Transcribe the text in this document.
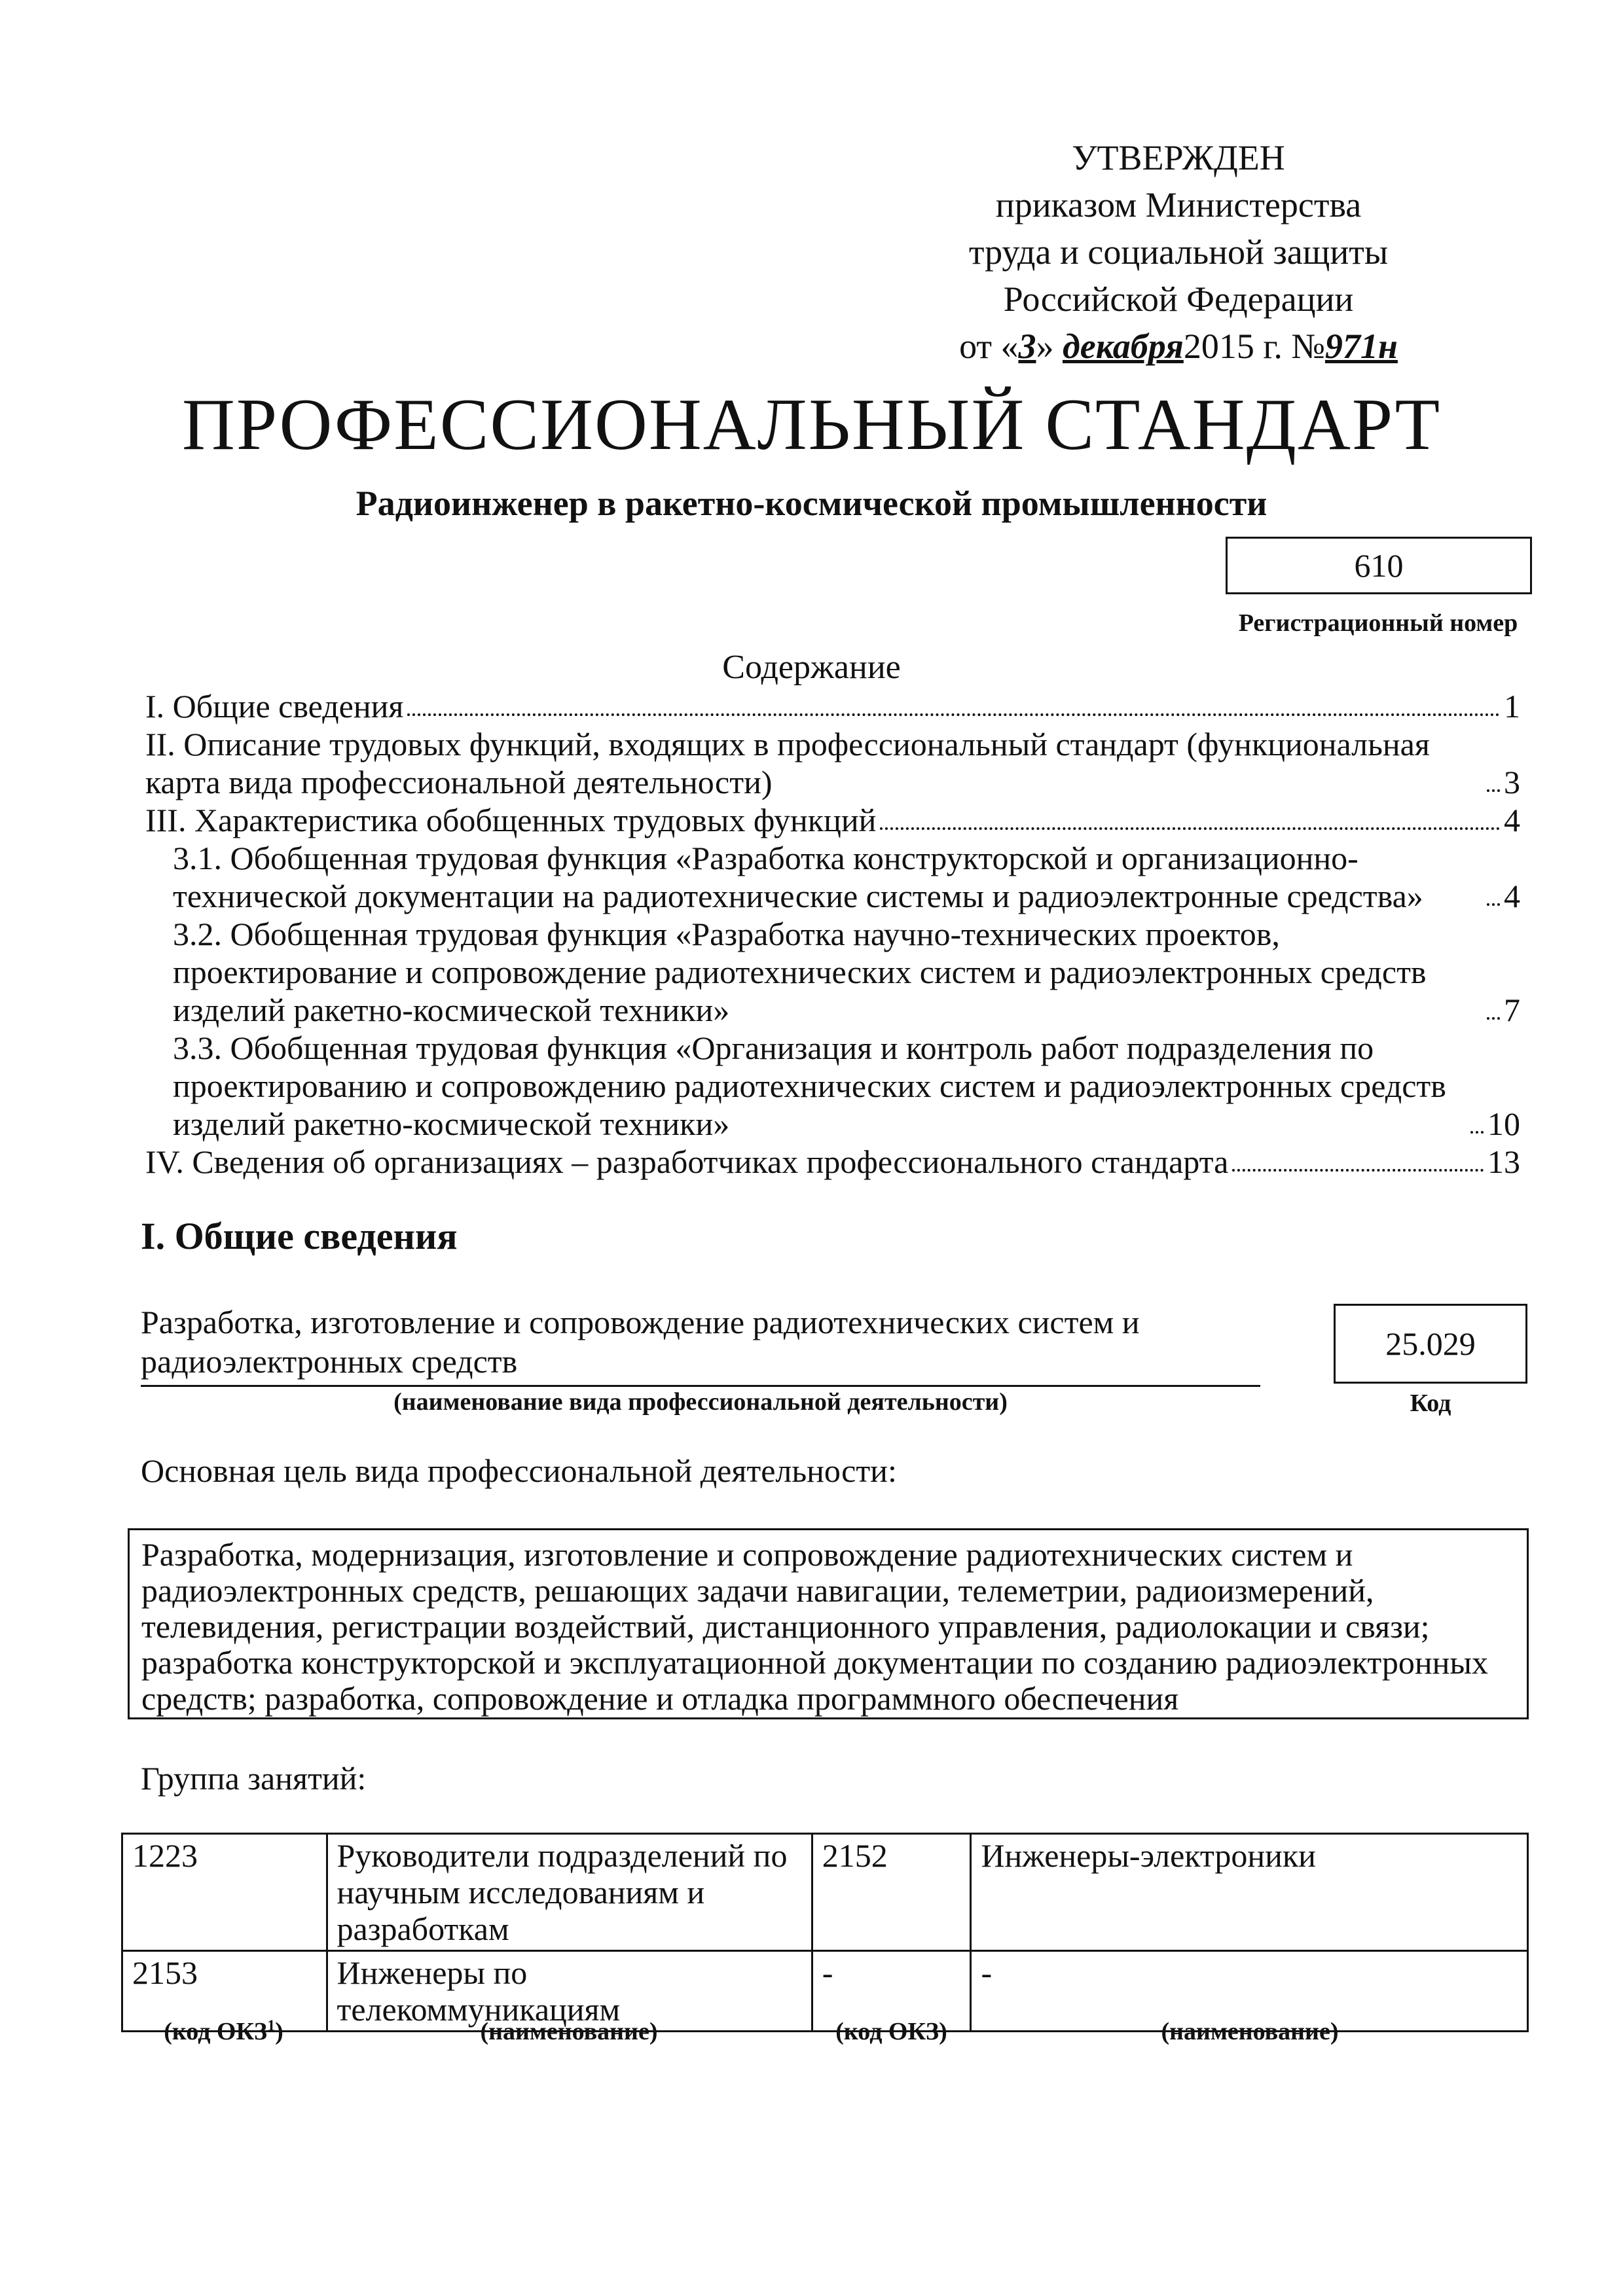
УТВЕРЖДЕН
приказом Министерства
труда и социальной защиты
Российской Федерации
от «3» декабря2015 г. №971н
ПРОФЕССИОНАЛЬНЫЙ СТАНДАРТ
Радиоинженер в ракетно-космической промышленности
610
Регистрационный номер
Содержание
I. Общие сведения	1
II. Описание трудовых функций, входящих в профессиональный стандарт (функциональная карта вида профессиональной деятельности)	3
III. Характеристика обобщенных трудовых функций	4
3.1. Обобщенная трудовая функция «Разработка конструкторской и организационно-технической документации на радиотехнические системы и радиоэлектронные средства»	4
3.2. Обобщенная трудовая функция «Разработка научно-технических проектов, проектирование и сопровождение радиотехнических систем и радиоэлектронных средств изделий ракетно-космической техники»	7
3.3. Обобщенная трудовая функция «Организация и контроль работ подразделения по проектированию и сопровождению радиотехнических систем и радиоэлектронных средств изделий ракетно-космической техники»	10
IV. Сведения об организациях – разработчиках профессионального стандарта	13
I. Общие сведения
Разработка, изготовление и сопровождение радиотехнических систем и радиоэлектронных средств
(наименование вида профессиональной деятельности)
25.029
Код
Основная цель вида профессиональной деятельности:
Разработка, модернизация, изготовление и сопровождение радиотехнических систем и радиоэлектронных средств, решающих задачи навигации, телеметрии, радиоизмерений, телевидения, регистрации воздействий, дистанционного управления, радиолокации и связи; разработка конструкторской и эксплуатационной документации по созданию радиоэлектронных средств; разработка, сопровождение и отладка программного обеспечения
Группа занятий:
1223	Руководители подразделений по научным исследованиям и разработкам	2152	Инженеры-электроники
2153	Инженеры по телекоммуникациям	-	-
(код ОКЗ$^1$)	(наименование)	(код ОКЗ)	(наименование)
